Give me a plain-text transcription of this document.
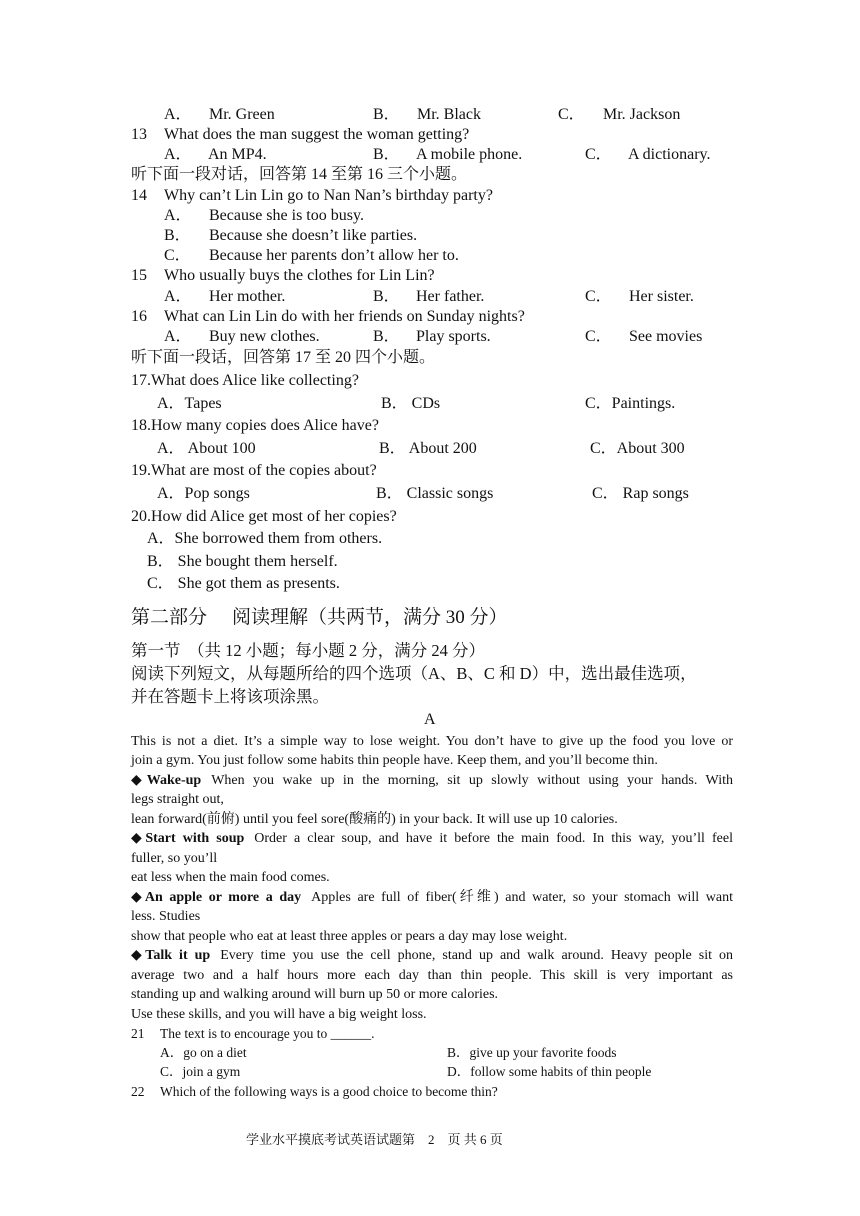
A． Mr. Green	B． Mr. Black	C． Mr. Jackson
13 What does the man suggest the woman getting?
A． An MP4.	B． A mobile phone.	C． A dictionary.
听下面一段对话，回答第 14 至第 16 三个小题。
14 Why can’t Lin Lin go to Nan Nan’s birthday party?
A． Because she is too busy.
B． Because she doesn’t like parties.
C． Because her parents don’t allow her to.
15 Who usually buys the clothes for Lin Lin?
A． Her mother.	B． Her father.	C． Her sister.
16 What can Lin Lin do with her friends on Sunday nights?
A． Buy new clothes.	B． Play sports.	C． See movies
听下面一段话，回答第 17 至 20 四个小题。
17.What does Alice like collecting?
A．Tapes	B． CDs	C．Paintings.
18.How many copies does Alice have?
A． About 100	B． About 200	C．About 300
19.What are most of the copies about?
A．Pop songs	B． Classic songs	C． Rap songs
20.How did Alice get most of her copies?
A．She borrowed them from others.
B． She bought them herself.
C． She got them as presents.
第二部分 阅读理解（共两节，满分 30 分）
第一节 （共 12 小题；每小题 2 分，满分 24 分）
阅读下列短文，从每题所给的四个选项（A、B、C 和 D）中，选出最佳选项，
并在答题卡上将该项涂黑。
A
This is not a diet. It’s a simple way to lose weight. You don’t have to give up the food you love or
join a gym. You just follow some habits thin people have. Keep them, and you’ll become thin.
◆Wake-up When you wake up in the morning, sit up slowly without using your hands. With
legs straight out,
lean forward(前俯) until you feel sore(酸痛的) in your back. It will use up 10 calories.
◆Start with soup Order a clear soup, and have it before the main food. In this way, you’ll feel
fuller, so you’ll
eat less when the main food comes.
◆An apple or more a day Apples are full of fiber(纤维) and water, so your stomach will want
less. Studies
show that people who eat at least three apples or pears a day may lose weight.
◆Talk it up Every time you use the cell phone, stand up and walk around. Heavy people sit on
average two and a half hours more each day than thin people. This skill is very important as
standing up and walking around will burn up 50 or more calories.
Use these skills, and you will have a big weight loss.
21 The text is to encourage you to ______.
A．go on a diet	B．give up your favorite foods
C．join a gym	D．follow some habits of thin people
22 Which of the following ways is a good choice to become thin?
学业水平摸底考试英语试题第　2　页 共 6 页
